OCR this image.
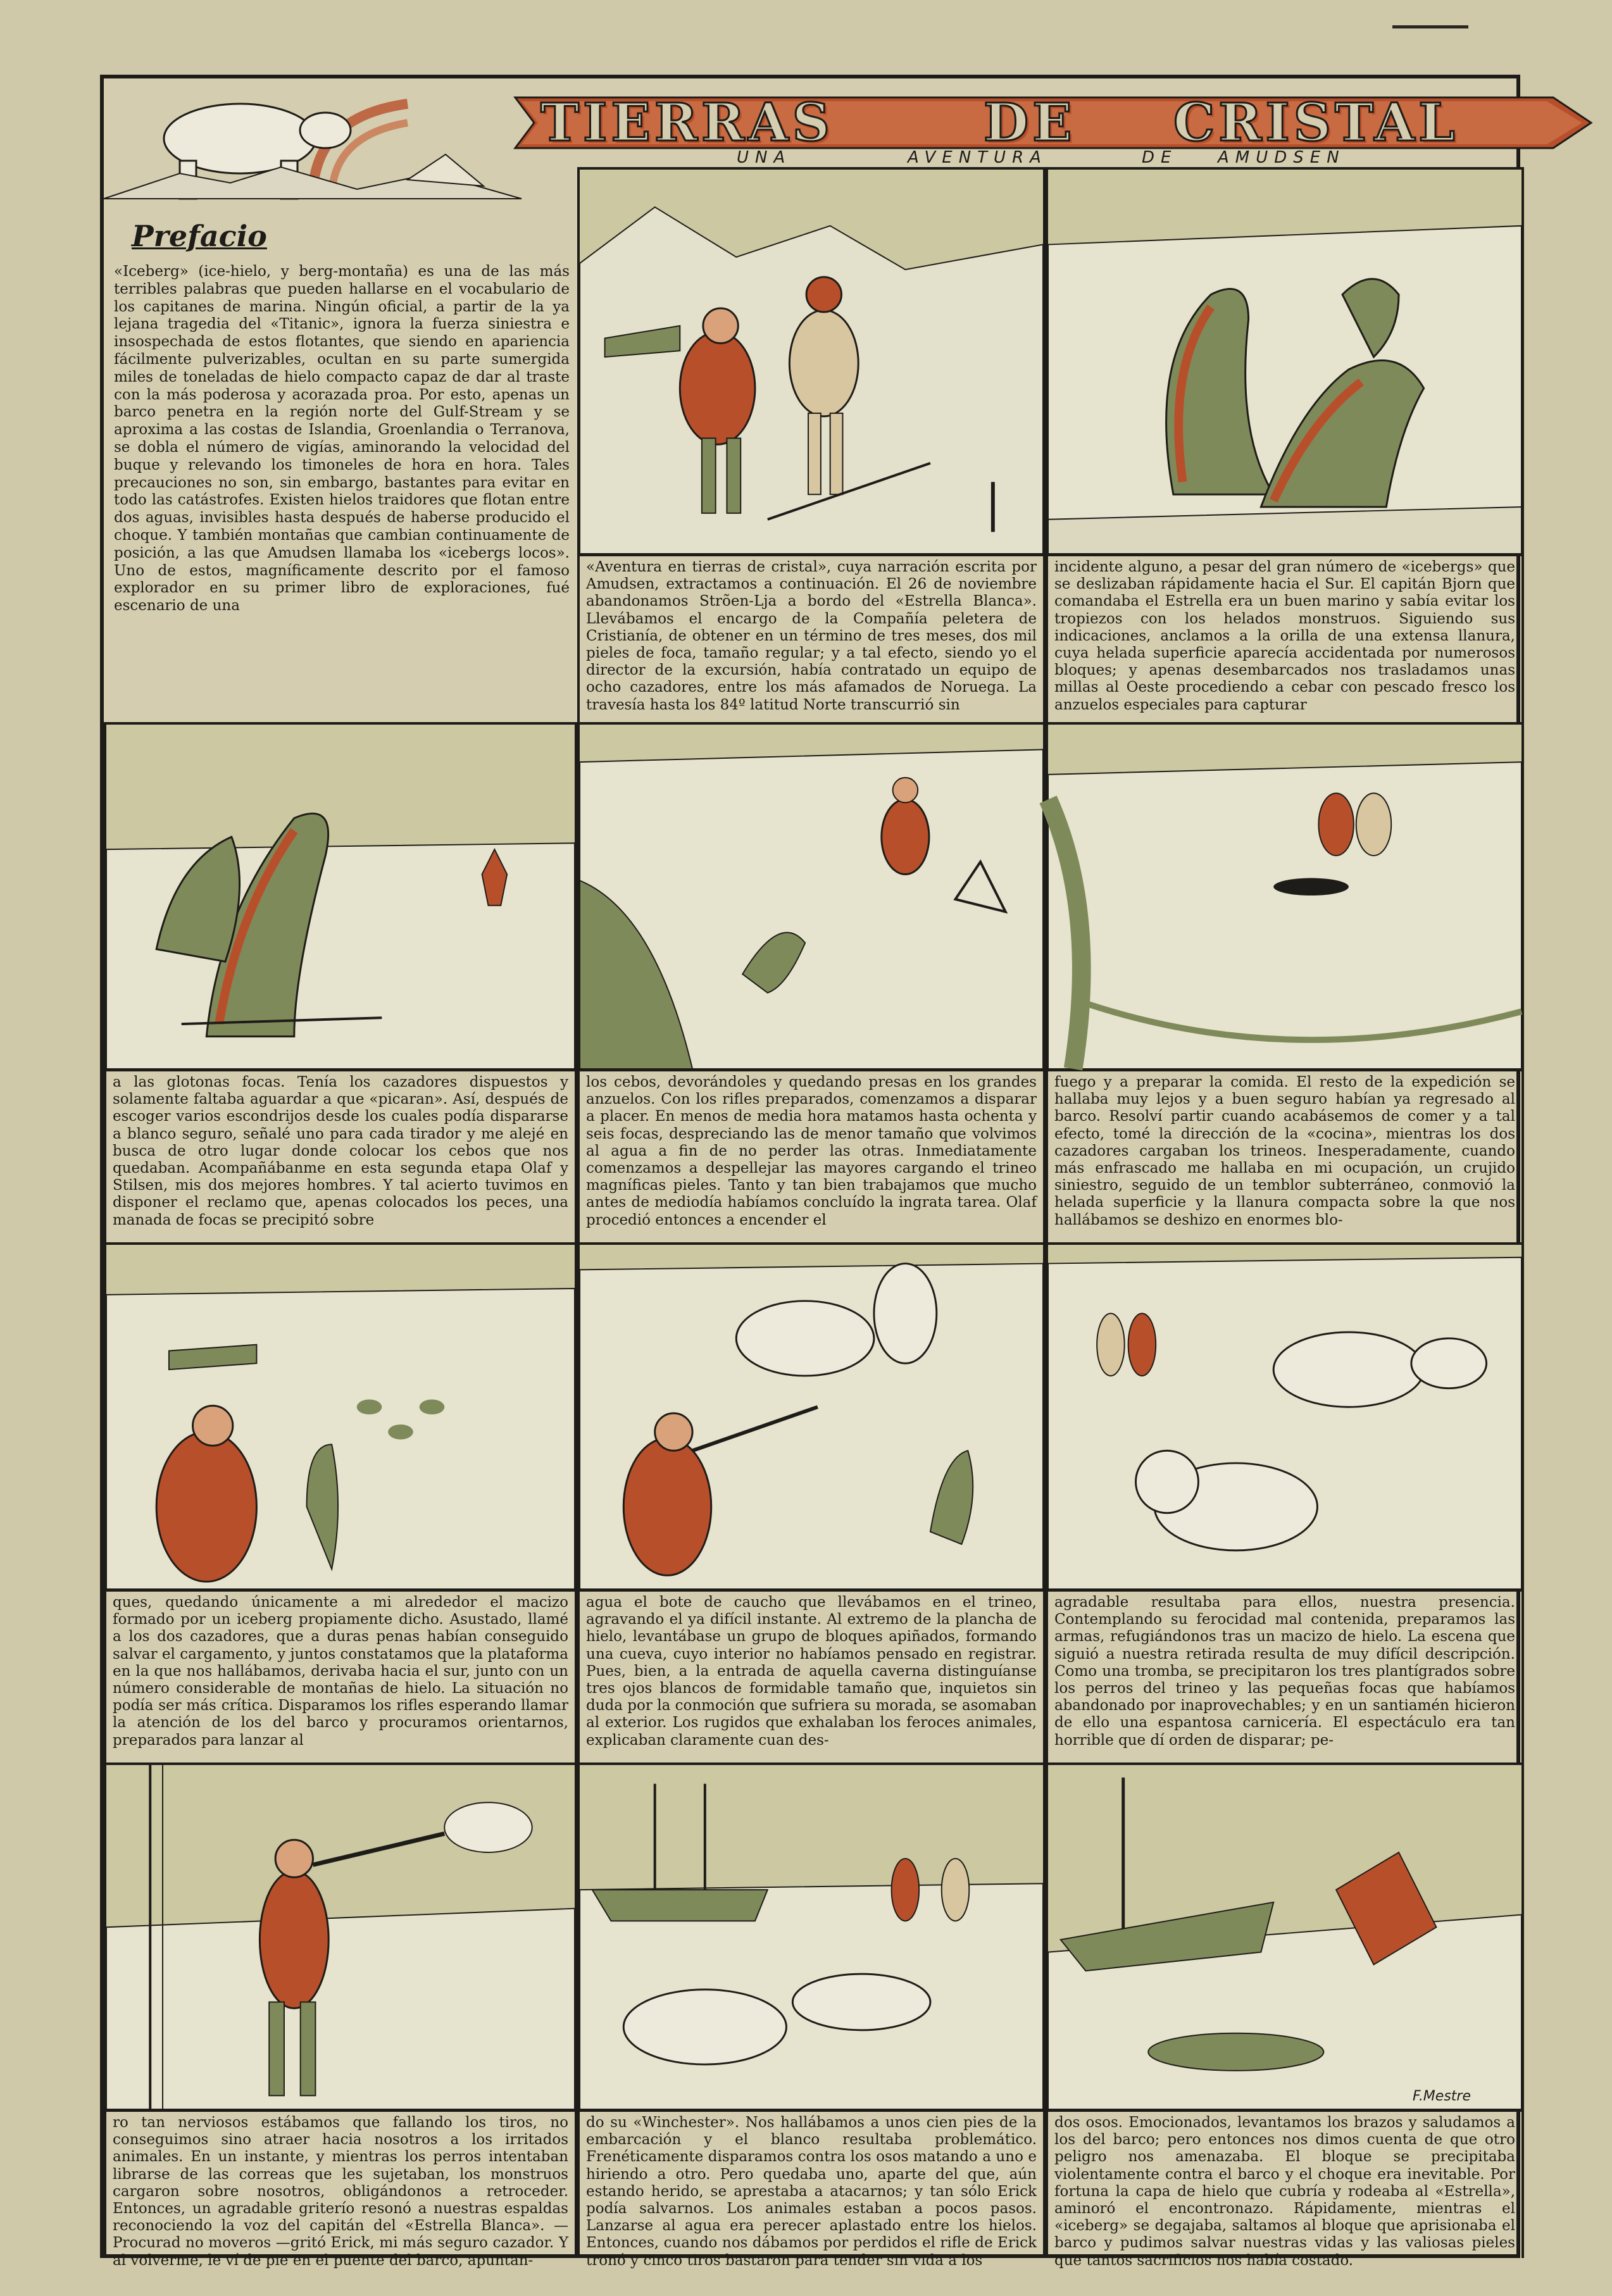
TIERRAS	DE CRISTAL
Prefacio
«Iceberg» (ice-hielo, y berg-montaña) es una de las más terribles palabras que pueden hallarse en el vocabulario de los capitanes de marina. Ningún oficial, a partir de la ya lejana tragedia del «Titanic», ignora la fuerza siniestra e insospechada de estos flotantes, que siendo en apariencia fácilmente pulverizables, ocultan en su parte sumergida miles de toneladas de hielo compacto capaz de dar al traste con la más poderosa y acorazada proa. Por esto, apenas un barco penetra en la región norte del Gulf-Stream y se aproxima a las costas de Islandia, Groenlandia o Terranova, se dobla el número de vigías, aminorando la velocidad del buque y relevando los timoneles de hora en hora. Tales precauciones no son, sin embargo, bastantes para evitar en todo las catástrofes. Existen hielos traidores que flotan entre dos aguas, invisibles hasta después de haberse producido el choque. Y también montañas que cambian continuamente de posición, a las que Amudsen llamaba los «icebergs locos». Uno de estos, magníficamente descrito por el famoso explorador en su primer libro de exploraciones, fué escenario de una
UNA	AVENTURA	DE AMUDSEN
«Aventura en tierras de cristal», cuya narración escrita por Amudsen, extractamos a continuación. El 26 de noviembre abandonamos Strõen-Lja a bordo del «Estrella Blanca». Llevábamos el encargo de la Compañía peletera de Cristianía, de obtener en un término de tres meses, dos mil pieles de foca, tamaño regular; y a tal efecto, siendo yo el director de la excursión, había contratado un equipo de ocho cazadores, entre los más afamados de Noruega. La travesía hasta los 84º latitud Norte transcurrió sin
incidente alguno, a pesar del gran número de «icebergs» que se deslizaban rápidamente hacia el Sur. El capitán Bjorn que comandaba el Estrella era un buen marino y sabía evitar los tropiezos con los helados monstruos. Siguiendo sus indicaciones, anclamos a la orilla de una extensa llanura, cuya helada superficie aparecía accidentada por numerosos bloques; y apenas desembarcados nos trasladamos unas millas al Oeste procediendo a cebar con pescado fresco los anzuelos especiales para capturar
a las glotonas focas. Tenía los cazadores dispuestos y solamente faltaba aguardar a que «picaran». Así, después de escoger varios escondrijos desde los cuales podía dispararse a blanco seguro, señalé uno para cada tirador y me alejé en busca de otro lugar donde colocar los cebos que nos quedaban. Acompañábanme en esta segunda etapa Olaf y Stilsen, mis dos mejores hombres. Y tal acierto tuvimos en disponer el reclamo que, apenas colocados los peces, una manada de focas se precipitó sobre
los cebos, devorándoles y quedando presas en los grandes anzuelos. Con los rifles preparados, comenzamos a disparar a placer. En menos de media hora matamos hasta ochenta y seis focas, despreciando las de menor tamaño que volvimos al agua a fin de no perder las otras. Inmediatamente comenzamos a despellejar las mayores cargando el trineo magníficas pieles. Tanto y tan bien trabajamos que mucho antes de mediodía habíamos concluído la ingrata tarea. Olaf procedió entonces a encender el
fuego y a preparar la comida. El resto de la expedición se hallaba muy lejos y a buen seguro habían ya regresado al barco. Resolví partir cuando acabásemos de comer y a tal efecto, tomé la dirección de la «cocina», mientras los dos cazadores cargaban los trineos. Inesperadamente, cuando más enfrascado me hallaba en mi ocupación, un crujido siniestro, seguido de un temblor subterráneo, conmovió la helada superficie y la llanura compacta sobre la que nos hallábamos se deshizo en enormes blo-
ques, quedando únicamente a mi alrededor el macizo formado por un iceberg propiamente dicho. Asustado, llamé a los dos cazadores, que a duras penas habían conseguido salvar el cargamento, y juntos constatamos que la plataforma en la que nos hallábamos, derivaba hacia el sur, junto con un número considerable de montañas de hielo. La situación no podía ser más crítica. Disparamos los rifles esperando llamar la atención de los del barco y procuramos orientarnos, preparados para lanzar al
agua el bote de caucho que llevábamos en el trineo, agravando el ya difícil instante. Al extremo de la plancha de hielo, levantábase un grupo de bloques apiñados, formando una cueva, cuyo interior no habíamos pensado en registrar. Pues, bien, a la entrada de aquella caverna distinguíanse tres ojos blancos de formidable tamaño que, inquietos sin duda por la conmoción que sufriera su morada, se asomaban al exterior. Los rugidos que exhalaban los feroces animales, explicaban claramente cuan des-
agradable resultaba para ellos, nuestra presencia. Contemplando su ferocidad mal contenida, preparamos las armas, refugiándonos tras un macizo de hielo. La escena que siguió a nuestra retirada resulta de muy difícil descripción. Como una tromba, se precipitaron los tres plantígrados sobre los perros del trineo y las pequeñas focas que habíamos abandonado por inaprovechables; y en un santiamén hicieron de ello una espantosa carnicería. El espectáculo era tan horrible que dí orden de disparar; pe-
F.Mestre
ro tan nerviosos estábamos que fallando los tiros, no conseguimos sino atraer hacia nosotros a los irritados animales. En un instante, y mientras los perros intentaban librarse de las correas que les sujetaban, los monstruos cargaron sobre nosotros, obligándonos a retroceder. Entonces, un agradable griterío resonó a nuestras espaldas reconociendo la voz del capitán del «Estrella Blanca». —Procurad no moveros —gritó Erick, mi más seguro cazador. Y al volverme, le ví de pie en el puente del barco, apuntan-
do su «Winchester». Nos hallábamos a unos cien pies de la embarcación y el blanco resultaba problemático. Frenéticamente disparamos contra los osos matando a uno e hiriendo a otro. Pero quedaba uno, aparte del que, aún estando herido, se aprestaba a atacarnos; y tan sólo Erick podía salvarnos. Los animales estaban a pocos pasos. Lanzarse al agua era perecer aplastado entre los hielos. Entonces, cuando nos dábamos por perdidos el rifle de Erick tronó y cinco tiros bastaron para tender sin vida a los
dos osos. Emocionados, levantamos los brazos y saludamos a los del barco; pero entonces nos dimos cuenta de que otro peligro nos amenazaba. El bloque se precipitaba violentamente contra el barco y el choque era inevitable. Por fortuna la capa de hielo que cubría y rodeaba al «Estrella», aminoró el encontronazo. Rápidamente, mientras el «iceberg» se degajaba, saltamos al bloque que aprisionaba el barco y pudimos salvar nuestras vidas y las valiosas pieles que tantos sacrificios nos había costado.
